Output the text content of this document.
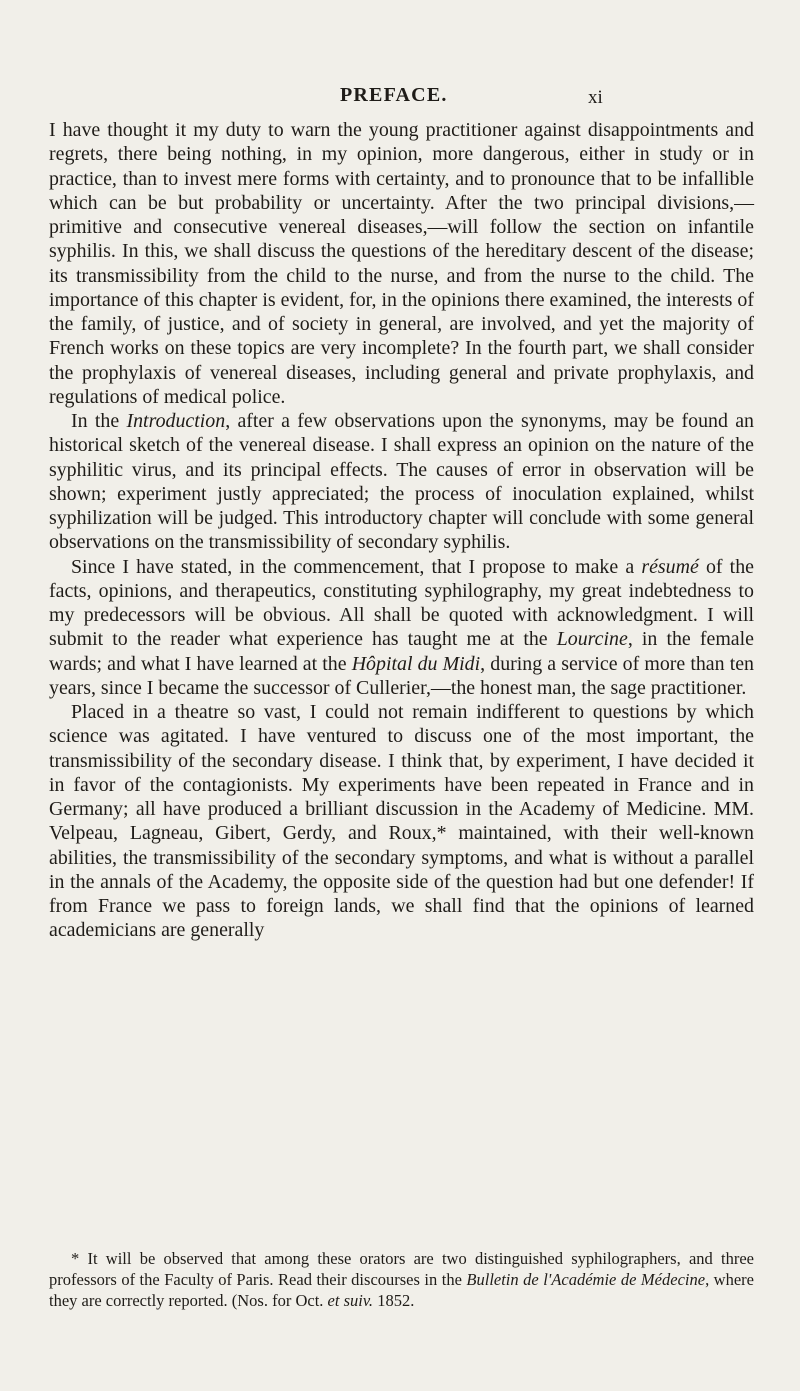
PREFACE.	xi

I have thought it my duty to warn the young practitioner against disappointments and regrets, there being nothing, in my opinion, more dangerous, either in study or in practice, than to invest mere forms with certainty, and to pronounce that to be infallible which can be but probability or uncertainty. After the two principal divisions,—primitive and consecutive venereal diseases,—will follow the section on infantile syphilis. In this, we shall discuss the questions of the hereditary descent of the disease; its transmissibility from the child to the nurse, and from the nurse to the child. The importance of this chapter is evident, for, in the opinions there examined, the interests of the family, of justice, and of society in general, are involved, and yet the majority of French works on these topics are very incomplete? In the fourth part, we shall consider the prophylaxis of venereal diseases, including general and private prophylaxis, and regulations of medical police.

In the Introduction, after a few observations upon the synonyms, may be found an historical sketch of the venereal disease. I shall express an opinion on the nature of the syphilitic virus, and its principal effects. The causes of error in observation will be shown; experiment justly appreciated; the process of inoculation explained, whilst syphilization will be judged. This introductory chapter will conclude with some general observations on the transmissibility of secondary syphilis.

Since I have stated, in the commencement, that I propose to make a résumé of the facts, opinions, and therapeutics, constituting syphilography, my great indebtedness to my predecessors will be obvious. All shall be quoted with acknowledgment. I will submit to the reader what experience has taught me at the Lourcine, in the female wards; and what I have learned at the Hôpital du Midi, during a service of more than ten years, since I became the successor of Cullerier,—the honest man, the sage practitioner.

Placed in a theatre so vast, I could not remain indifferent to questions by which science was agitated. I have ventured to discuss one of the most important, the transmissibility of the secondary disease. I think that, by experiment, I have decided it in favor of the contagionists. My experiments have been repeated in France and in Germany; all have produced a brilliant discussion in the Academy of Medicine. MM. Velpeau, Lagneau, Gibert, Gerdy, and Roux,* maintained, with their well-known abilities, the transmissibility of the secondary symptoms, and what is without a parallel in the annals of the Academy, the opposite side of the question had but one defender! If from France we pass to foreign lands, we shall find that the opinions of learned academicians are generally

* It will be observed that among these orators are two distinguished syphilographers, and three professors of the Faculty of Paris. Read their discourses in the Bulletin de l'Académie de Médecine, where they are correctly reported. (Nos. for Oct. et suiv. 1852.
